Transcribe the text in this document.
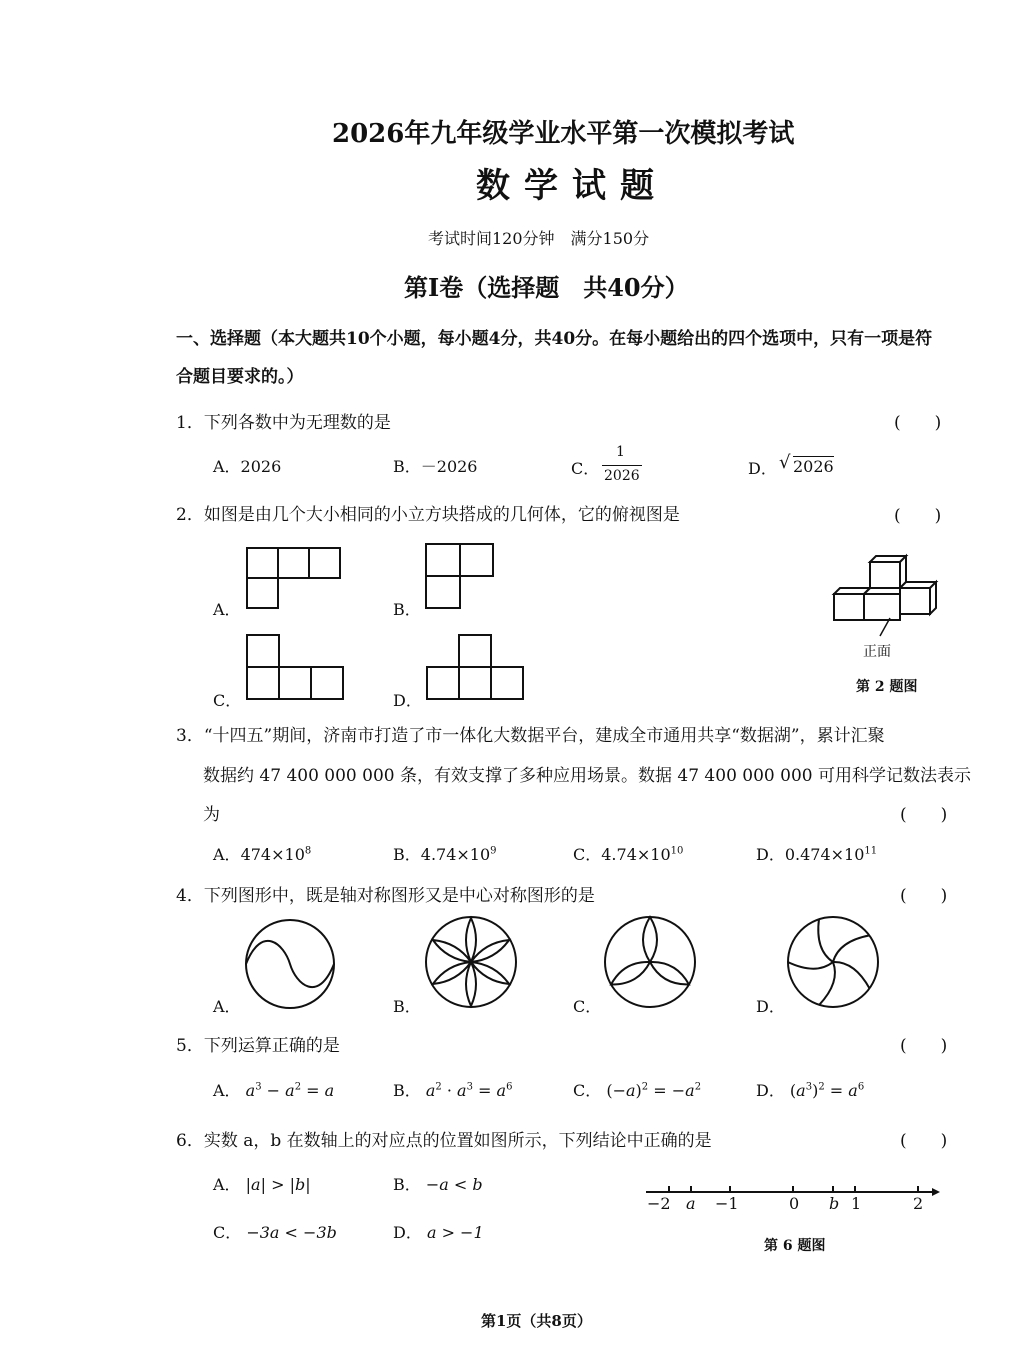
2026年九年级学业水平第一次模拟考试
数学试题
考试时间120分钟　满分150分
第I卷（选择题　共40分）
一、选择题（本大题共10个小题，每小题4分，共40分。在每小题给出的四个选项中，只有一项是符
合题目要求的。）
1．下列各数中为无理数的是	(　　)
A．2026	B．－2026	C．
1
2026	D． √ 2026
2．如图是由几个大小相同的小立方块搭成的几何体，它的俯视图是	(　　)
A．	B．
C．	D．
正面
第 2 题图
3．“十四五”期间，济南市打造了市一体化大数据平台，建成全市通用共享“数据湖”，累计汇聚
数据约 47 400 000 000 条，有效支撑了多种应用场景。数据 47 400 000 000 可用科学记数法表示
为	(　　)
A．$474\times 10^8$	B．$4.74\times 10^9$	C．$4.74\times 10^{10}$	D．$0.474\times 10^{11}$
4．下列图形中，既是轴对称图形又是中心对称图形的是	(　　)
A．	B．	C．	D．
5．下列运算正确的是	(　　)
A． $a^3 - a^2 = a$	B． $a^2 \cdot a^3 = a^6$	C． $(-a)^2 = -a^2$	D． $(a^3)^2 = a^6$
6．实数 a，b 在数轴上的对应点的位置如图所示，下列结论中正确的是	(　　)
A． |a| > |b|	B． −a < b
C． −3a < −3b	D． a > −1
−2 a −1	0 b 1	2
第 6 题图
第1页（共8页）
